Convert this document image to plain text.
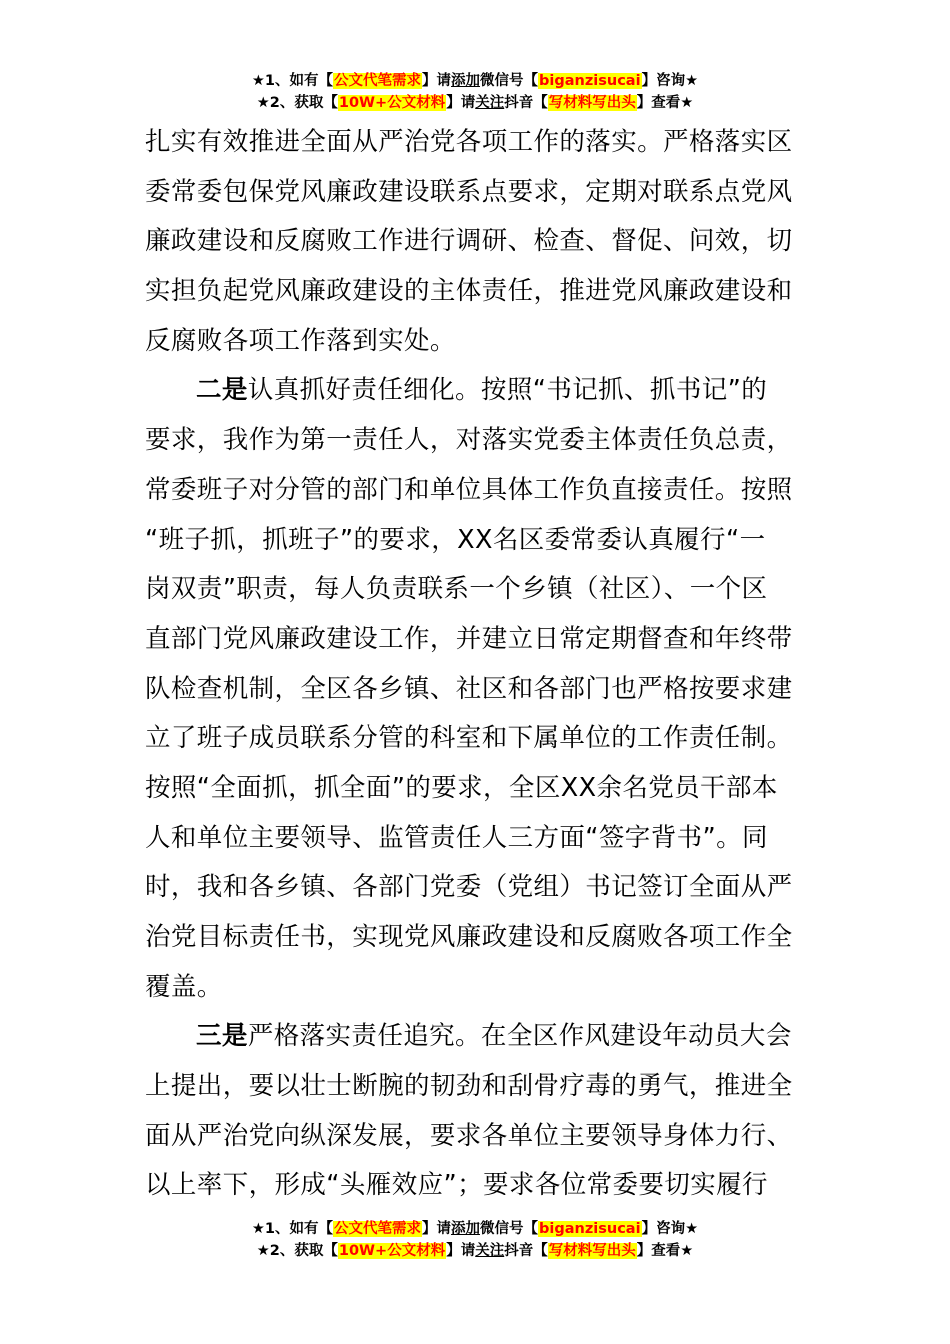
★1、如有【公文代笔需求】请添加微信号【biganzisucai】咨询★
★2、获取【10W+公文材料】请关注抖音【写材料写出头】查看★
扎实有效推进全面从严治党各项工作的落实。严格落实区
委常委包保党风廉政建设联系点要求，定期对联系点党风
廉政建设和反腐败工作进行调研、检查、督促、问效，切
实担负起党风廉政建设的主体责任，推进党风廉政建设和
反腐败各项工作落到实处。
二是认真抓好责任细化。按照“书记抓、抓书记”的
要求，我作为第一责任人，对落实党委主体责任负总责，
常委班子对分管的部门和单位具体工作负直接责任。按照
“班子抓，抓班子”的要求，XX名区委常委认真履行“一
岗双责”职责，每人负责联系一个乡镇（社区）、一个区
直部门党风廉政建设工作，并建立日常定期督查和年终带
队检查机制，全区各乡镇、社区和各部门也严格按要求建
立了班子成员联系分管的科室和下属单位的工作责任制。
按照“全面抓，抓全面”的要求，全区XX余名党员干部本
人和单位主要领导、监管责任人三方面“签字背书”。同
时，我和各乡镇、各部门党委（党组）书记签订全面从严
治党目标责任书，实现党风廉政建设和反腐败各项工作全
覆盖。
三是严格落实责任追究。在全区作风建设年动员大会
上提出，要以壮士断腕的韧劲和刮骨疗毒的勇气，推进全
面从严治党向纵深发展，要求各单位主要领导身体力行、
以上率下，形成“头雁效应”；要求各位常委要切实履行
★1、如有【公文代笔需求】请添加微信号【biganzisucai】咨询★
★2、获取【10W+公文材料】请关注抖音【写材料写出头】查看★
